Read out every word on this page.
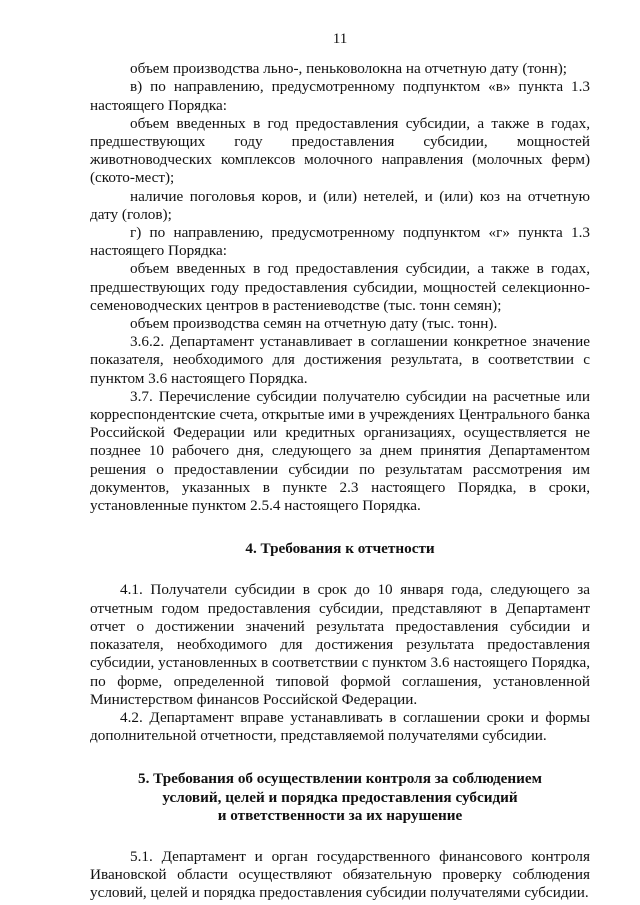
11

объем производства льно-, пеньковолокна на отчетную дату (тонн);

в) по направлению, предусмотренному подпунктом «в» пункта 1.3 настоящего Порядка:

объем введенных в год предоставления субсидии, а также в годах, предшествующих году предоставления субсидии, мощностей животноводческих комплексов молочного направления (молочных ферм) (ското-мест);

наличие поголовья коров, и (или) нетелей, и (или) коз на отчетную дату (голов);

г) по направлению, предусмотренному подпунктом «г» пункта 1.3 настоящего Порядка:

объем введенных в год предоставления субсидии, а также в годах, предшествующих году предоставления субсидии, мощностей селекционно-семеноводческих центров в растениеводстве (тыс. тонн семян);

объем производства семян на отчетную дату (тыс. тонн).

3.6.2. Департамент устанавливает в соглашении конкретное значение показателя, необходимого для достижения результата, в соответствии с пунктом 3.6 настоящего Порядка.

3.7. Перечисление субсидии получателю субсидии на расчетные или корреспондентские счета, открытые ими в учреждениях Центрального банка Российской Федерации или кредитных организациях, осуществляется не позднее 10 рабочего дня, следующего за днем принятия Департаментом решения о предоставлении субсидии по результатам рассмотрения им документов, указанных в пункте 2.3 настоящего Порядка, в сроки, установленные пунктом 2.5.4 настоящего Порядка.

4. Требования к отчетности

4.1. Получатели субсидии в срок до 10 января года, следующего за отчетным годом предоставления субсидии, представляют в Департамент отчет о достижении значений результата предоставления субсидии и показателя, необходимого для достижения результата предоставления субсидии, установленных в соответствии с пунктом 3.6 настоящего Порядка, по форме, определенной типовой формой соглашения, установленной Министерством финансов Российской Федерации.

4.2. Департамент вправе устанавливать в соглашении сроки и формы дополнительной отчетности, представляемой получателями субсидии.

5. Требования об осуществлении контроля за соблюдением
условий, целей и порядка предоставления субсидий
и ответственности за их нарушение

5.1. Департамент и орган государственного финансового контроля Ивановской области осуществляют обязательную проверку соблюдения условий, целей и порядка предоставления субсидии получателями субсидии.
